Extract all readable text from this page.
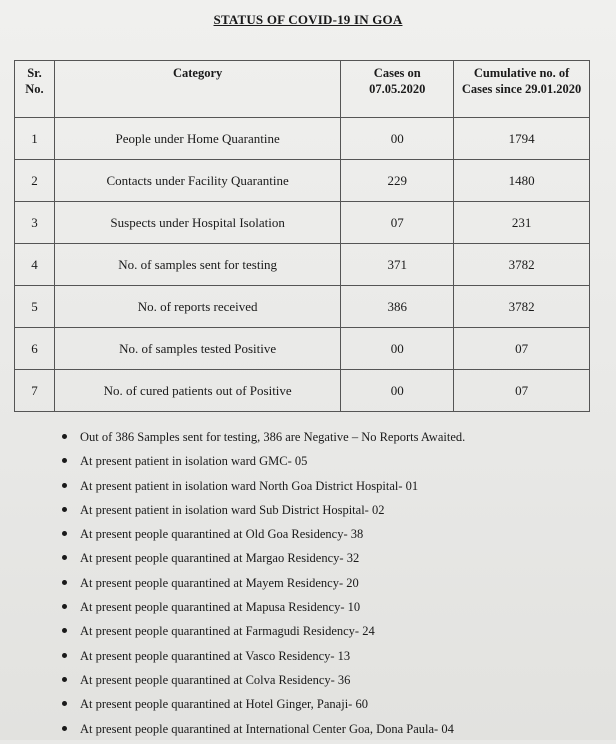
STATUS OF COVID-19 IN GOA
Sr. No.	Category	Cases on 07.05.2020	Cumulative no. of Cases since 29.01.2020
1	People under Home Quarantine	00	1794
2	Contacts under Facility Quarantine	229	1480
3	Suspects under Hospital Isolation	07	231
4	No. of samples sent for testing	371	3782
5	No. of reports received	386	3782
6	No. of samples tested Positive	00	07
7	No. of cured patients out of Positive	00	07
Out of 386 Samples sent for testing, 386 are Negative – No Reports Awaited.
At present patient in isolation ward GMC- 05
At present patient in isolation ward North Goa District Hospital- 01
At present patient in isolation ward Sub District Hospital- 02
At present people quarantined at Old Goa Residency- 38
At present people quarantined at Margao Residency- 32
At present people quarantined at Mayem Residency- 20
At present people quarantined at Mapusa Residency- 10
At present people quarantined at Farmagudi Residency- 24
At present people quarantined at Vasco Residency- 13
At present people quarantined at Colva Residency- 36
At present people quarantined at Hotel Ginger, Panaji- 60
At present people quarantined at International Center Goa, Dona Paula- 04
